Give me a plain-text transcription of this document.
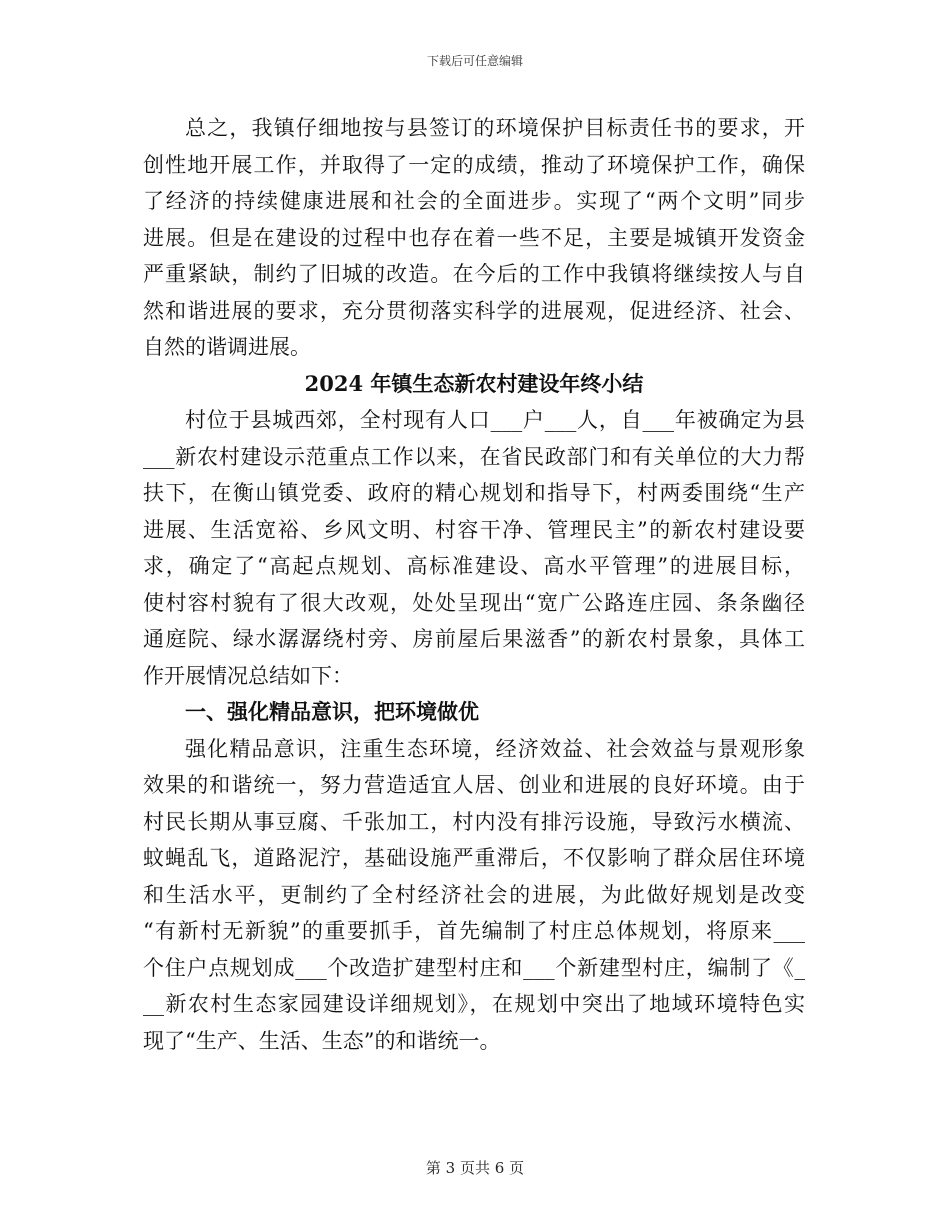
下载后可任意编辑
总之，我镇仔细地按与县签订的环境保护目标责任书的要求，开
创性地开展工作，并取得了一定的成绩，推动了环境保护工作，确保
了经济的持续健康进展和社会的全面进步。实现了“两个文明”同步
进展。但是在建设的过程中也存在着一些不足，主要是城镇开发资金
严重紧缺，制约了旧城的改造。在今后的工作中我镇将继续按人与自
然和谐进展的要求，充分贯彻落实科学的进展观，促进经济、社会、
自然的谐调进展。
2024 年镇生态新农村建设年终小结
村位于县城西郊，全村现有人口___户___人，自___年被确定为县
___新农村建设示范重点工作以来，在省民政部门和有关单位的大力帮
扶下，在衡山镇党委、政府的精心规划和指导下，村两委围绕“生产
进展、生活宽裕、乡风文明、村容干净、管理民主”的新农村建设要
求，确定了“高起点规划、高标准建设、高水平管理”的进展目标，
使村容村貌有了很大改观，处处呈现出“宽广公路连庄园、条条幽径
通庭院、绿水潺潺绕村旁、房前屋后果滋香”的新农村景象，具体工
作开展情况总结如下：
一、强化精品意识，把环境做优
强化精品意识，注重生态环境，经济效益、社会效益与景观形象
效果的和谐统一，努力营造适宜人居、创业和进展的良好环境。由于
村民长期从事豆腐、千张加工，村内没有排污设施，导致污水横流、
蚊蝇乱飞，道路泥泞，基础设施严重滞后，不仅影响了群众居住环境
和生活水平，更制约了全村经济社会的进展，为此做好规划是改变
“有新村无新貌”的重要抓手，首先编制了村庄总体规划，将原来___
个住户点规划成___个改造扩建型村庄和___个新建型村庄，编制了《_
__新农村生态家园建设详细规划》，在规划中突出了地域环境特色实
现了“生产、生活、生态”的和谐统一。
第 3 页共 6 页
